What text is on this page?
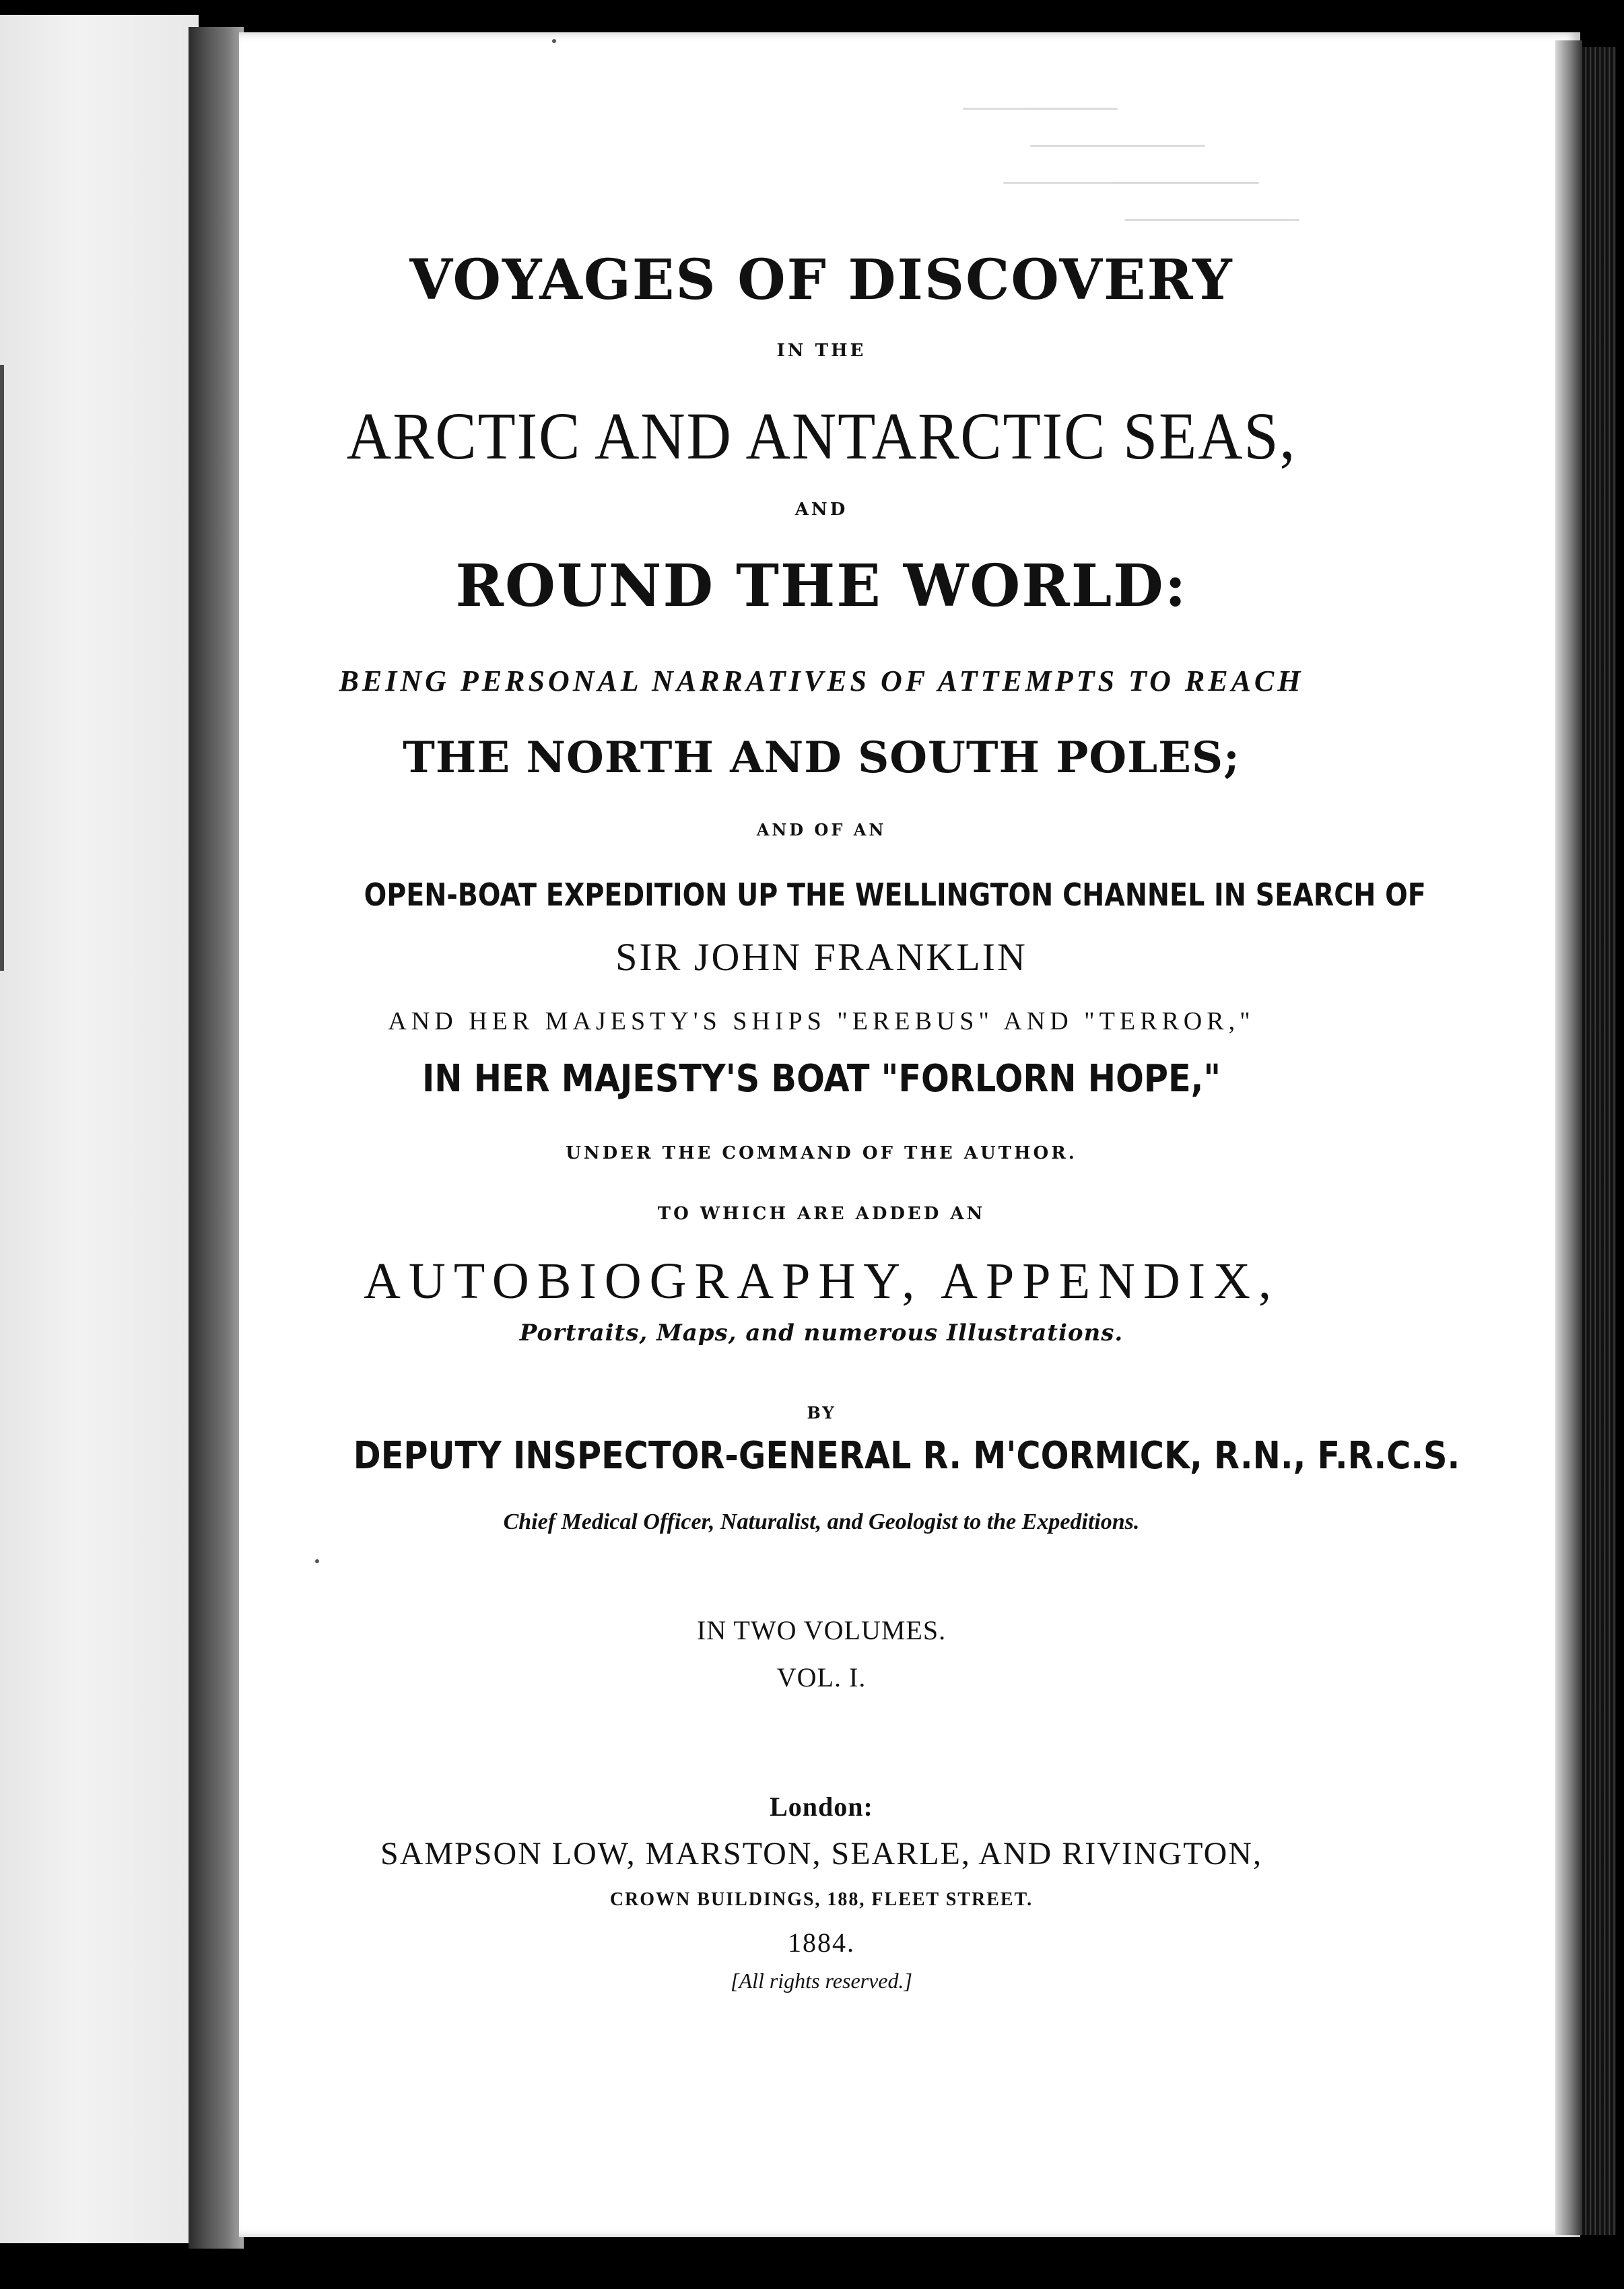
VOYAGES OF DISCOVERY
IN THE
ARCTIC AND ANTARCTIC SEAS,
AND
ROUND THE WORLD:
BEING PERSONAL NARRATIVES OF ATTEMPTS TO REACH
THE NORTH AND SOUTH POLES;
AND OF AN
OPEN-BOAT EXPEDITION UP THE WELLINGTON CHANNEL IN SEARCH OF
SIR JOHN FRANKLIN
AND HER MAJESTY'S SHIPS "EREBUS" AND "TERROR,"
IN HER MAJESTY'S BOAT "FORLORN HOPE,"
UNDER THE COMMAND OF THE AUTHOR.
TO WHICH ARE ADDED AN
AUTOBIOGRAPHY, APPENDIX,
Portraits, Maps, and numerous Illustrations.
BY
DEPUTY INSPECTOR-GENERAL R. M'CORMICK, R.N., F.R.C.S.
Chief Medical Officer, Naturalist, and Geologist to the Expeditions.
IN TWO VOLUMES.
VOL. I.
London:
SAMPSON LOW, MARSTON, SEARLE, AND RIVINGTON,
CROWN BUILDINGS, 188, FLEET STREET.
1884.
[All rights reserved.]
